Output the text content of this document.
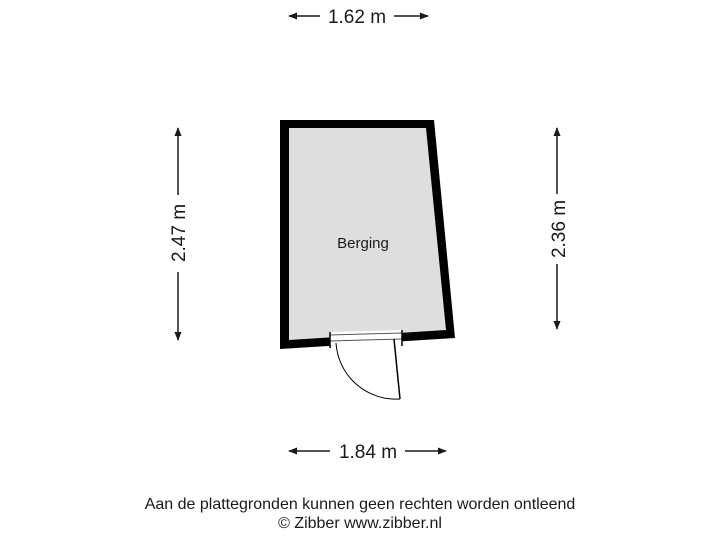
1.62 m
1.84 m
2.47 m	2.36 m
Berging
Aan de plattegronden kunnen geen rechten worden ontleend
© Zibber www.zibber.nl
